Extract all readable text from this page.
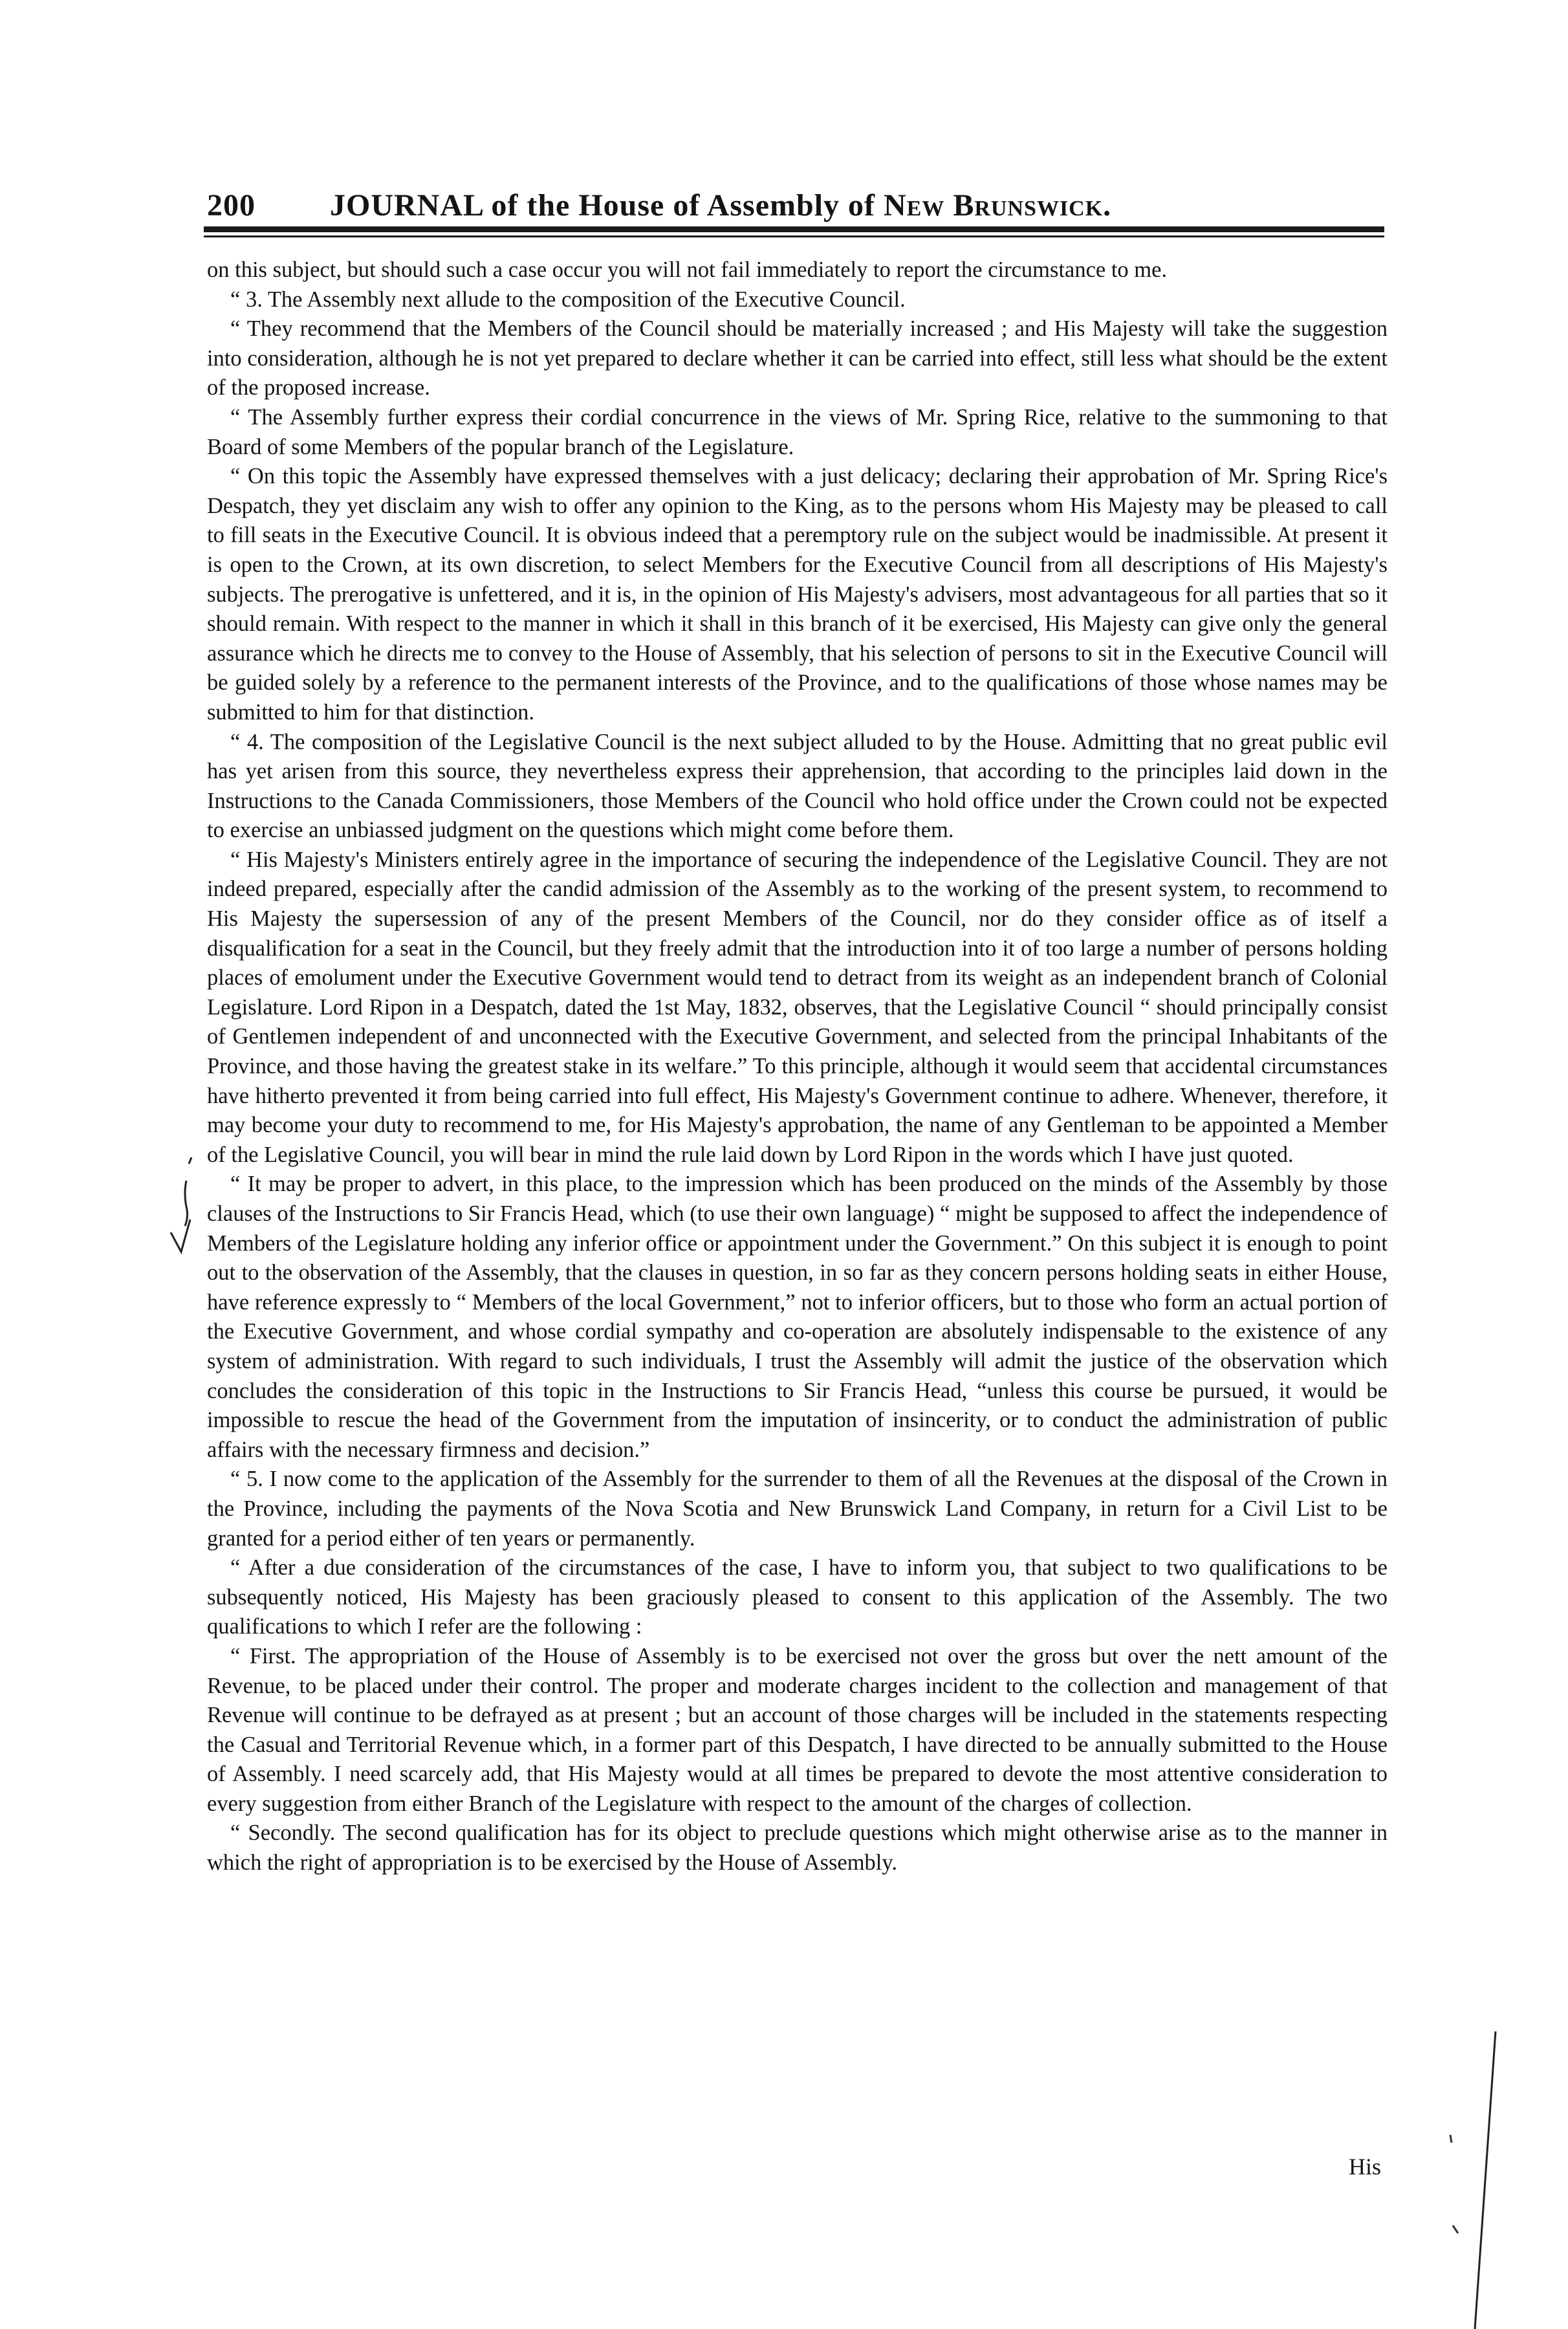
200 JOURNAL of the House of Assembly of New Brunswick.

on this subject, but should such a case occur you will not fail immediately to report the circumstance to me.

“ 3. The Assembly next allude to the composition of the Executive Council.

“ They recommend that the Members of the Council should be materially increased ; and His Majesty will take the suggestion into consideration, although he is not yet prepared to declare whether it can be carried into effect, still less what should be the extent of the proposed increase.

“ The Assembly further express their cordial concurrence in the views of Mr. Spring Rice, relative to the summoning to that Board of some Members of the popular branch of the Legislature.

“ On this topic the Assembly have expressed themselves with a just delicacy; declaring their approbation of Mr. Spring Rice's Despatch, they yet disclaim any wish to offer any opinion to the King, as to the persons whom His Majesty may be pleased to call to fill seats in the Executive Council. It is obvious indeed that a peremptory rule on the subject would be inadmissible. At present it is open to the Crown, at its own discretion, to select Members for the Executive Council from all descriptions of His Majesty's subjects. The prerogative is unfettered, and it is, in the opinion of His Majesty's advisers, most advantageous for all parties that so it should remain. With respect to the manner in which it shall in this branch of it be exercised, His Majesty can give only the general assurance which he directs me to convey to the House of Assembly, that his selection of persons to sit in the Executive Council will be guided solely by a reference to the permanent interests of the Province, and to the qualifications of those whose names may be submitted to him for that distinction.

“ 4. The composition of the Legislative Council is the next subject alluded to by the House. Admitting that no great public evil has yet arisen from this source, they nevertheless express their apprehension, that according to the principles laid down in the Instructions to the Canada Commissioners, those Members of the Council who hold office under the Crown could not be expected to exercise an unbiassed judgment on the questions which might come before them.

“ His Majesty's Ministers entirely agree in the importance of securing the independence of the Legislative Council. They are not indeed prepared, especially after the candid admission of the Assembly as to the working of the present system, to recommend to His Majesty the supersession of any of the present Members of the Council, nor do they consider office as of itself a disqualification for a seat in the Council, but they freely admit that the introduction into it of too large a number of persons holding places of emolument under the Executive Government would tend to detract from its weight as an independent branch of Colonial Legislature. Lord Ripon in a Despatch, dated the 1st May, 1832, observes, that the Legislative Council “ should principally consist of Gentlemen independent of and unconnected with the Executive Government, and selected from the principal Inhabitants of the Province, and those having the greatest stake in its welfare.” To this principle, although it would seem that accidental circumstances have hitherto prevented it from being carried into full effect, His Majesty's Government continue to adhere. Whenever, therefore, it may become your duty to recommend to me, for His Majesty's approbation, the name of any Gentleman to be appointed a Member of the Legislative Council, you will bear in mind the rule laid down by Lord Ripon in the words which I have just quoted.

“ It may be proper to advert, in this place, to the impression which has been produced on the minds of the Assembly by those clauses of the Instructions to Sir Francis Head, which (to use their own language) “ might be supposed to affect the independence of Members of the Legislature holding any inferior office or appointment under the Government.” On this subject it is enough to point out to the observation of the Assembly, that the clauses in question, in so far as they concern persons holding seats in either House, have reference expressly to “ Members of the local Government,” not to inferior officers, but to those who form an actual portion of the Executive Government, and whose cordial sympathy and co-operation are absolutely indispensable to the existence of any system of administration. With regard to such individuals, I trust the Assembly will admit the justice of the observation which concludes the consideration of this topic in the Instructions to Sir Francis Head, “unless this course be pursued, it would be impossible to rescue the head of the Government from the imputation of insincerity, or to conduct the administration of public affairs with the necessary firmness and decision.”

“ 5. I now come to the application of the Assembly for the surrender to them of all the Revenues at the disposal of the Crown in the Province, including the payments of the Nova Scotia and New Brunswick Land Company, in return for a Civil List to be granted for a period either of ten years or permanently.

“ After a due consideration of the circumstances of the case, I have to inform you, that subject to two qualifications to be subsequently noticed, His Majesty has been graciously pleased to consent to this application of the Assembly. The two qualifications to which I refer are the following :

“ First. The appropriation of the House of Assembly is to be exercised not over the gross but over the nett amount of the Revenue, to be placed under their control. The proper and moderate charges incident to the collection and management of that Revenue will continue to be defrayed as at present ; but an account of those charges will be included in the statements respecting the Casual and Territorial Revenue which, in a former part of this Despatch, I have directed to be annually submitted to the House of Assembly. I need scarcely add, that His Majesty would at all times be prepared to devote the most attentive consideration to every suggestion from either Branch of the Legislature with respect to the amount of the charges of collection.

“ Secondly. The second qualification has for its object to preclude questions which might otherwise arise as to the manner in which the right of appropriation is to be exercised by the House of Assembly.

His
